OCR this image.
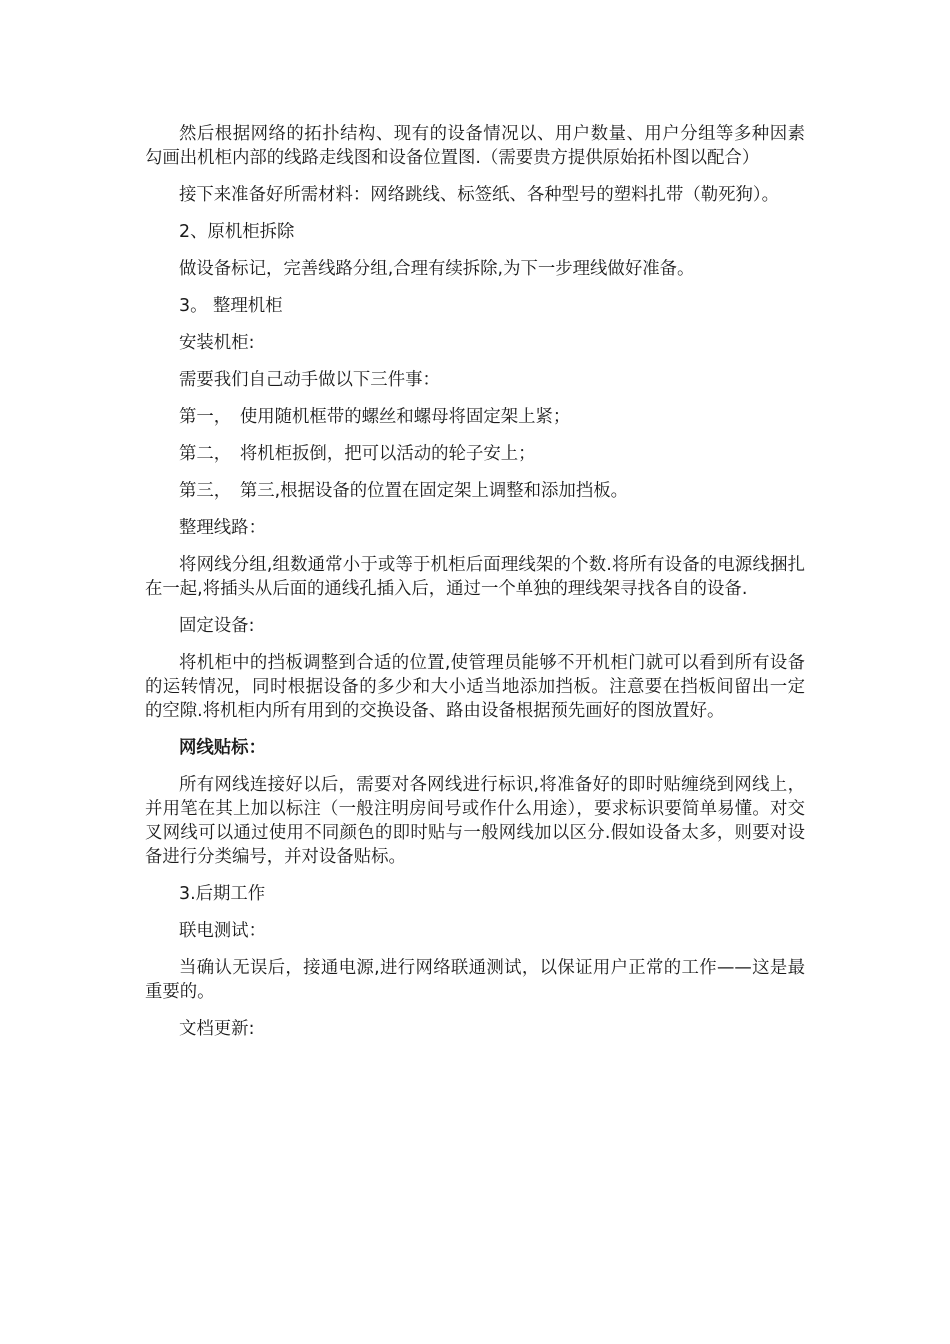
然后根据网络的拓扑结构、现有的设备情况以、用户数量、用户分组等多种因素勾画出机柜内部的线路走线图和设备位置图.（需要贵方提供原始拓朴图以配合）

接下来准备好所需材料：网络跳线、标签纸、各种型号的塑料扎带（勒死狗）。

2、原机柜拆除

做设备标记，完善线路分组,合理有续拆除,为下一步理线做好准备。

3。 整理机柜

安装机柜:

需要我们自己动手做以下三件事：

第一，　使用随机框带的螺丝和螺母将固定架上紧；

第二，　将机柜扳倒，把可以活动的轮子安上；

第三，　第三,根据设备的位置在固定架上调整和添加挡板。

整理线路：

将网线分组,组数通常小于或等于机柜后面理线架的个数.将所有设备的电源线捆扎在一起,将插头从后面的通线孔插入后，通过一个单独的理线架寻找各自的设备.

固定设备:

将机柜中的挡板调整到合适的位置,使管理员能够不开机柜门就可以看到所有设备的运转情况，同时根据设备的多少和大小适当地添加挡板。注意要在挡板间留出一定的空隙.将机柜内所有用到的交换设备、路由设备根据预先画好的图放置好。

网线贴标：

所有网线连接好以后，需要对各网线进行标识,将准备好的即时贴缠绕到网线上，并用笔在其上加以标注（一般注明房间号或作什么用途），要求标识要简单易懂。对交叉网线可以通过使用不同颜色的即时贴与一般网线加以区分.假如设备太多，则要对设备进行分类编号，并对设备贴标。

3.后期工作

联电测试：

当确认无误后，接通电源,进行网络联通测试，以保证用户正常的工作——这是最重要的。

文档更新:
